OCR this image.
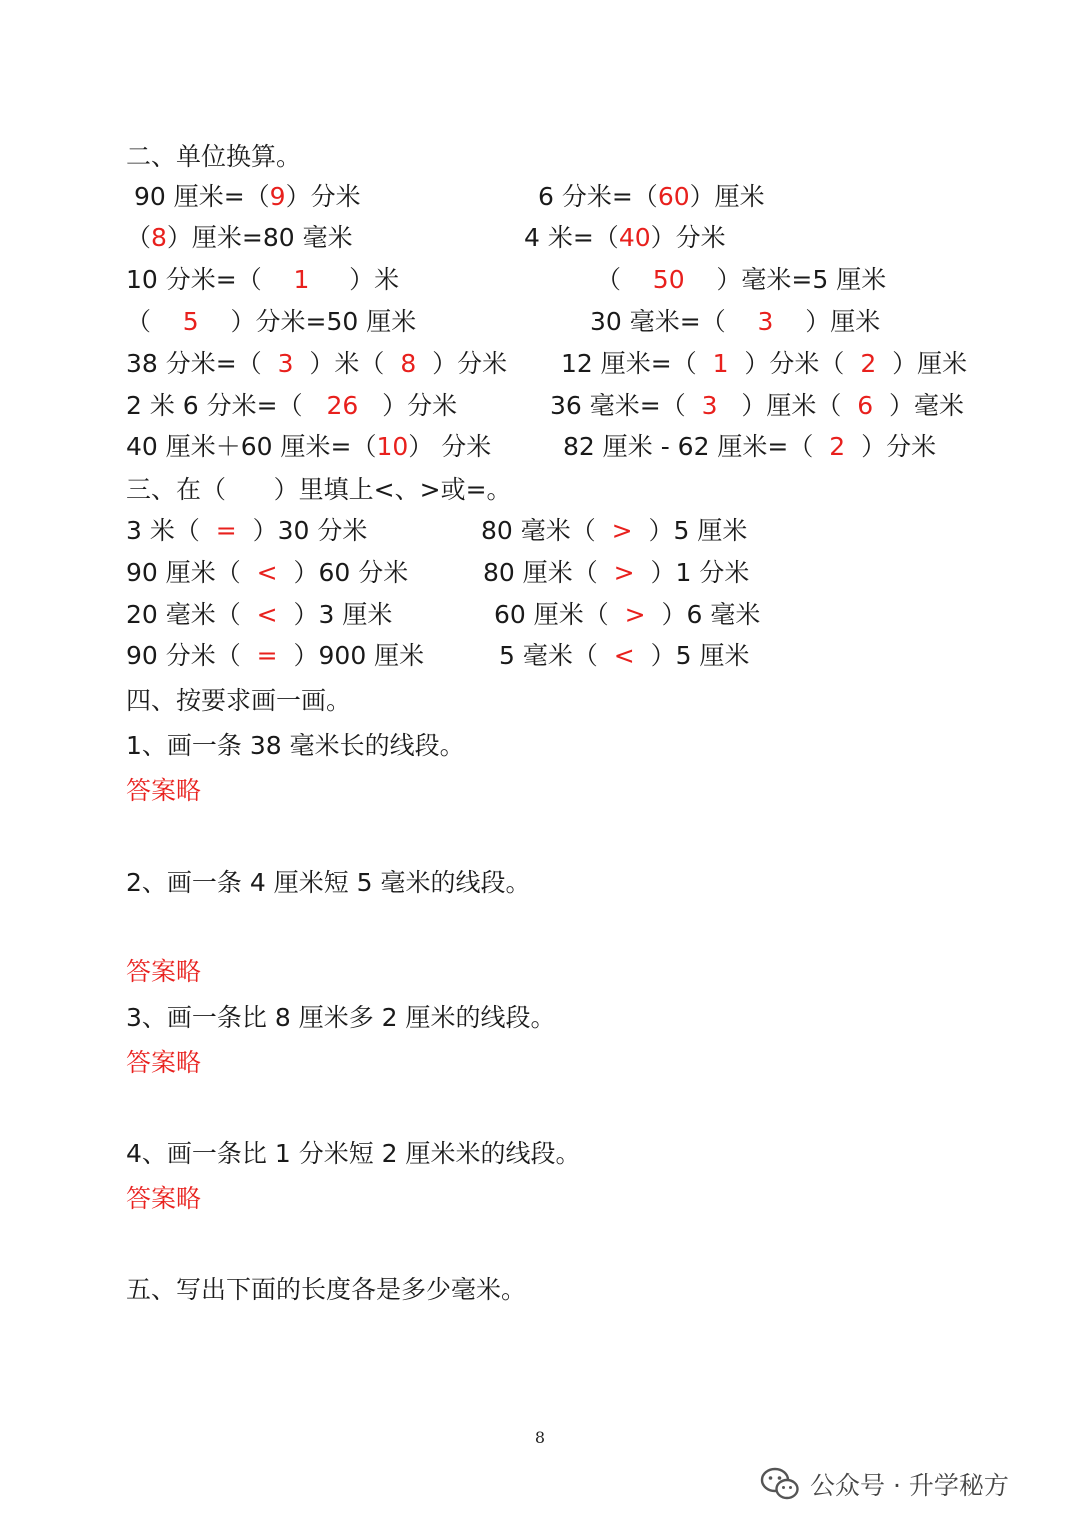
二、单位换算。
90 厘米=（9）分米	6 分米=（60）厘米
（8）厘米=80 毫米	4 米=（40）分米
10 分米=（    1     ）米	（    50    ）毫米=5 厘米
（    5    ）分米=50 厘米	30 毫米=（    3    ）厘米
38 分米=（  3  ）米（  8  ）分米 12 厘米=（  1  ）分米（  2  ）厘米
2 米 6 分米=（   26   ）分米	36 毫米=（  3   ）厘米（  6  ）毫米
40 厘米＋60 厘米=（10） 分米	82 厘米 - 62 厘米=（  2  ）分米
三、在（      ）里填上<、>或=。
3 米（  =  ）30 分米	80 毫米（  >  ）5 厘米
90 厘米（  <  ）60 分米	80 厘米（  >  ）1 分米
20 毫米（  <  ）3 厘米	60 厘米（  >  ）6 毫米
90 分米（  =  ）900 厘米	5 毫米（  <  ）5 厘米
四、按要求画一画。
1、画一条 38 毫米长的线段。
答案略
2、画一条 4 厘米短 5 毫米的线段。
答案略
3、画一条比 8 厘米多 2 厘米的线段。
答案略
4、画一条比 1 分米短 2 厘米米的线段。
答案略
五、写出下面的长度各是多少毫米。
8
公众号 · 升学秘方
